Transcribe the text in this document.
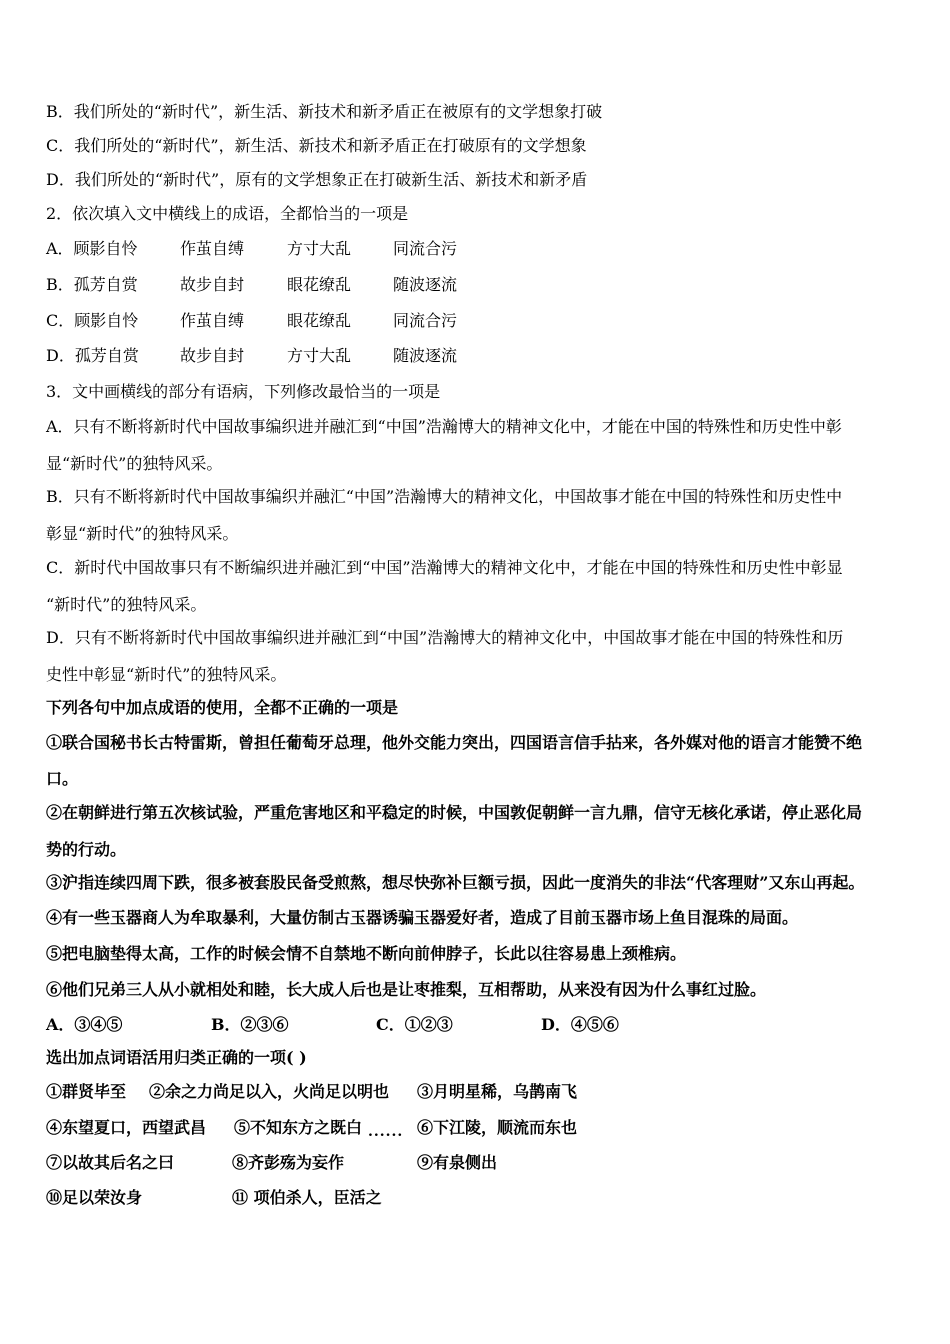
B．我们所处的“新时代”，新生活、新技术和新矛盾正在被原有的文学想象打破
C．我们所处的“新时代”，新生活、新技术和新矛盾正在打破原有的文学想象
D．我们所处的“新时代”，原有的文学想象正在打破新生活、新技术和新矛盾
2．依次填入文中横线上的成语，全都恰当的一项是
A．顾影自怜	作茧自缚	方寸大乱	同流合污
B．孤芳自赏	故步自封	眼花缭乱	随波逐流
C．顾影自怜	作茧自缚	眼花缭乱	同流合污
D．孤芳自赏	故步自封	方寸大乱	随波逐流
3．文中画横线的部分有语病，下列修改最恰当的一项是
A．只有不断将新时代中国故事编织进并融汇到“中国”浩瀚博大的精神文化中，才能在中国的特殊性和历史性中彰
显“新时代”的独特风采。
B．只有不断将新时代中国故事编织并融汇“中国”浩瀚博大的精神文化，中国故事才能在中国的特殊性和历史性中
彰显“新时代”的独特风采。
C．新时代中国故事只有不断编织进并融汇到“中国”浩瀚博大的精神文化中，才能在中国的特殊性和历史性中彰显
“新时代”的独特风采。
D．只有不断将新时代中国故事编织进并融汇到“中国”浩瀚博大的精神文化中，中国故事才能在中国的特殊性和历
史性中彰显“新时代”的独特风采。
下列各句中加点成语的使用，全都不正确的一项是
①联合国秘书长古特雷斯，曾担任葡萄牙总理，他外交能力突出，四国语言信手拈来，各外媒对他的语言才能赞不绝
口。
②在朝鲜进行第五次核试验，严重危害地区和平稳定的时候，中国敦促朝鲜一言九鼎，信守无核化承诺，停止恶化局
势的行动。
③沪指连续四周下跌，很多被套股民备受煎熬，想尽快弥补巨额亏损，因此一度消失的非法“代客理财”又东山再起。
④有一些玉器商人为牟取暴利，大量仿制古玉器诱骗玉器爱好者，造成了目前玉器市场上鱼目混珠的局面。
⑤把电脑垫得太高，工作的时候会情不自禁地不断向前伸脖子，长此以往容易患上颈椎病。
⑥他们兄弟三人从小就相处和睦，长大成人后也是让枣推梨，互相帮助，从来没有因为什么事红过脸。
A．③④⑤	B．②③⑥	C．①②③	D．④⑤⑥
选出加点词语活用归类正确的一项( )
①群贤毕至 ②余之力尚足以入，火尚足以明也 ③月明星稀，乌鹊南飞
④东望夏口，西望武昌 ⑤不知东方之既白	⑥下江陵，顺流而东也
......
⑦以故其后名之曰	⑧齐彭殇为妄作	⑨有泉侧出
⑩足以荣汝身	⑪ 项伯杀人，臣活之
